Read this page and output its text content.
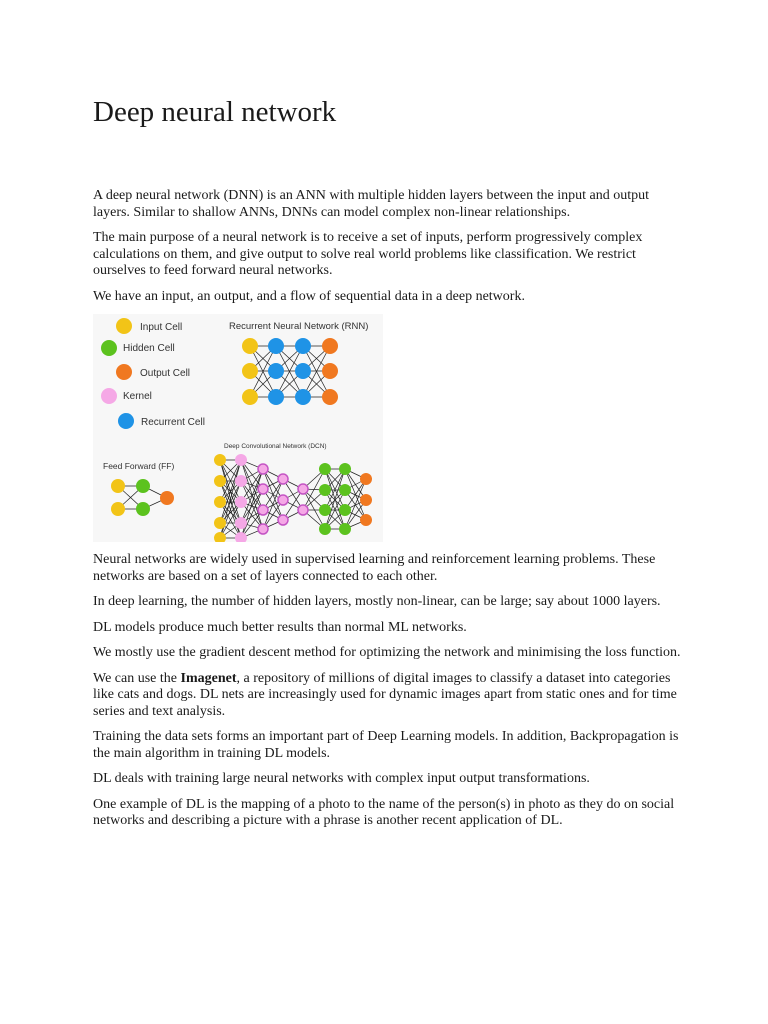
Deep neural network

A deep neural network (DNN) is an ANN with multiple hidden layers between the input and output layers. Similar to shallow ANNs, DNNs can model complex non-linear relationships.

The main purpose of a neural network is to receive a set of inputs, perform progressively complex calculations on them, and give output to solve real world problems like classification. We restrict ourselves to feed forward neural networks.

We have an input, an output, and a flow of sequential data in a deep network.

Input Cell
Hidden Cell
Output Cell
Kernel
Recurrent Cell
Recurrent Neural Network (RNN)
Deep Convolutional Network (DCN)
Feed Forward (FF)

Neural networks are widely used in supervised learning and reinforcement learning problems. These networks are based on a set of layers connected to each other.

In deep learning, the number of hidden layers, mostly non-linear, can be large; say about 1000 layers.

DL models produce much better results than normal ML networks.

We mostly use the gradient descent method for optimizing the network and minimising the loss function.

We can use the Imagenet, a repository of millions of digital images to classify a dataset into categories like cats and dogs. DL nets are increasingly used for dynamic images apart from static ones and for time series and text analysis.

Training the data sets forms an important part of Deep Learning models. In addition, Backpropagation is the main algorithm in training DL models.

DL deals with training large neural networks with complex input output transformations.

One example of DL is the mapping of a photo to the name of the person(s) in photo as they do on social networks and describing a picture with a phrase is another recent application of DL.
